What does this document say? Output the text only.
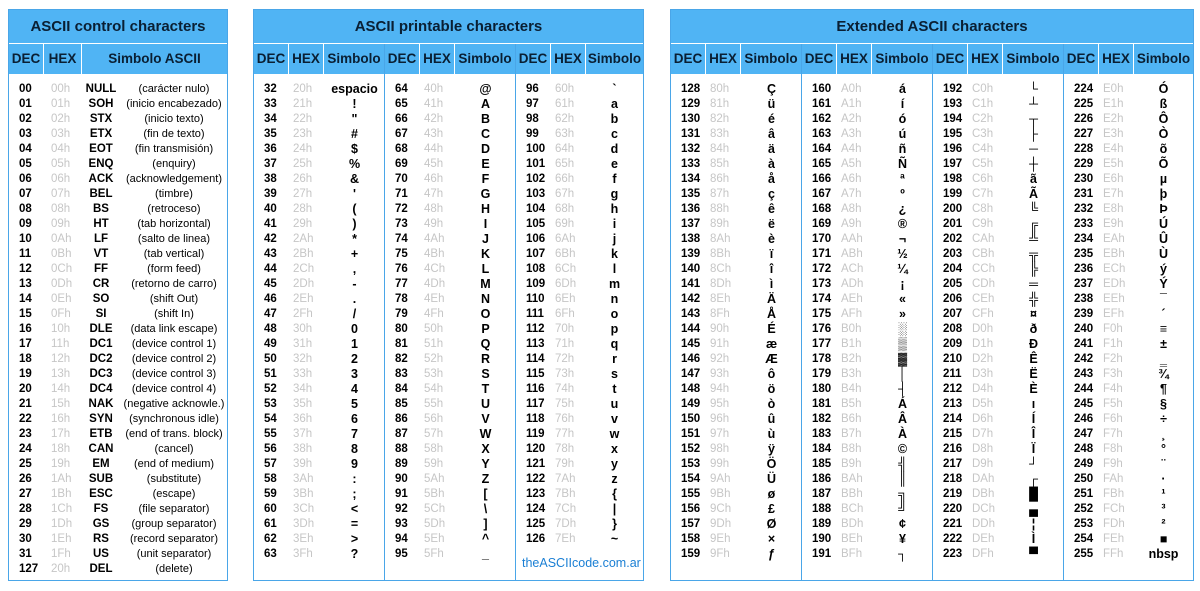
ASCII control characters
DEC HEX	Simbolo ASCII
00 00h	NULL	(carácter nulo)
01 01h	SOH	(inicio encabezado)
02 02h	STX	(inicio texto)
03 03h	ETX	(fin de texto)
04 04h	EOT	(fin transmisión)
05 05h	ENQ	(enquiry)
06 06h	ACK	(acknowledgement)
07 07h	BEL	(timbre)
08 08h	BS	(retroceso)
09 09h	HT	(tab horizontal)
10 0Ah	LF	(salto de linea)
11 0Bh	VT	(tab vertical)
12 0Ch	FF	(form feed)
13 0Dh	CR	(retorno de carro)
14 0Eh	SO	(shift Out)
15 0Fh	SI	(shift In)
16 10h	DLE	(data link escape)
17 11h	DC1	(device control 1)
18 12h	DC2	(device control 2)
19 13h	DC3	(device control 3)
20 14h	DC4	(device control 4)
21 15h	NAK (negative acknowle.)
22 16h	SYN	(synchronous idle)
23 17h	ETB	(end of trans. block)
24 18h	CAN	(cancel)
25 19h	EM	(end of medium)
26 1Ah	SUB	(substitute)
27 1Bh	ESC	(escape)
28 1Ch	FS	(file separator)
29 1Dh	GS	(group separator)
30 1Eh	RS	(record separator)
31 1Fh	US	(unit separator)
127 20h	DEL	(delete)
ASCII printable characters
DEC HEX Simbolo DEC HEX Simbolo DEC HEX Simbolo
32 20h	espacio
33 21h	!
34 22h	"
35 23h	#
36 24h	$
37 25h	%
38 26h	&
39 27h	'
40 28h	(
41 29h	)
42 2Ah	*
43 2Bh	+
44 2Ch	,
45 2Dh	-
46 2Eh	.
47 2Fh	/
48 30h	0
49 31h	1
50 32h	2
51 33h	3
52 34h	4
53 35h	5
54 36h	6
55 37h	7
56 38h	8
57 39h	9
58 3Ah	:
59 3Bh	;
60 3Ch	<
61 3Dh	=
62 3Eh	>
63 3Fh	?
64 40h	@
65 41h	A
66 42h	B
67 43h	C
68 44h	D
69 45h	E
70 46h	F
71 47h	G
72 48h	H
73 49h	I
74 4Ah	J
75 4Bh	K
76 4Ch	L
77 4Dh	M
78 4Eh	N
79 4Fh	O
80 50h	P
81 51h	Q
82 52h	R
83 53h	S
84 54h	T
85 55h	U
86 56h	V
87 57h	W
88 58h	X
89 59h	Y
90 5Ah	Z
91 5Bh	[
92 5Ch	\
93 5Dh	]
94 5Eh	^
95 5Fh	_
96 60h	`
97 61h	a
98 62h	b
99 63h	c
100 64h	d
101 65h	e
102 66h	f
103 67h	g
104 68h	h
105 69h	i
106 6Ah	j
107 6Bh	k
108 6Ch	l
109 6Dh	m
110 6Eh	n
111 6Fh	o
112 70h	p
113 71h	q
114 72h	r
115 73h	s
116 74h	t
117 75h	u
118 76h	v
119 77h	w
120 78h	x
121 79h	y
122 7Ah	z
123 7Bh	{
124 7Ch	|
125 7Dh	}
126 7Eh	~
theASCIIcode.com.ar
Extended ASCII characters
DEC HEX Simbolo DEC HEX Simbolo DEC HEX Simbolo DEC HEX Simbolo
128 80h	Ç
129 81h	ü
130 82h	é
131 83h	â
132 84h	ä
133 85h	à
134 86h	å
135 87h	ç
136 88h	ê
137 89h	ë
138 8Ah	è
139 8Bh	ï
140 8Ch	î
141 8Dh	ì
142 8Eh	Ä
143 8Fh	Å
144 90h	É
145 91h	æ
146 92h	Æ
147 93h	ô
148 94h	ö
149 95h	ò
150 96h	û
151 97h	ù
152 98h	ÿ
153 99h	Ö
154 9Ah	Ü
155 9Bh	ø
156 9Ch	£
157 9Dh	Ø
158 9Eh	×
159 9Fh	ƒ
160 A0h	á
161 A1h	í
162 A2h	ó
163 A3h	ú
164 A4h	ñ
165 A5h	Ñ
166 A6h	ª
167 A7h	º
168 A8h	¿
169 A9h	®
170 AAh	¬
171 ABh	½
172 ACh	¼
173 ADh	¡
174 AEh	«
175 AFh	»
176 B0h	░
177 B1h	▒
178 B2h	▓
179 B3h	│
180 B4h	┤
181 B5h	Á
182 B6h	Â
183 B7h	À
184 B8h	©
185 B9h	╣
186 BAh	║
187 BBh	╗
188 BCh	╝
189 BDh	¢
190 BEh	¥
191 BFh	┐
192 C0h	└
193 C1h	┴
194 C2h	┬
195 C3h	├
196 C4h	─
197 C5h	┼
198 C6h	ã
199 C7h	Ã
200 C8h	╚
201 C9h	╔
202 CAh	╩
203 CBh	╦
204 CCh	╠
205 CDh	═
206 CEh	╬
207 CFh	¤
208 D0h	ð
209 D1h	Ð
210 D2h	Ê
211 D3h	Ë
212 D4h	È
213 D5h	ı
214 D6h	Í
215 D7h	Î
216 D8h	Ï
217 D9h	┘
218 DAh	┌
219 DBh	█
220 DCh	▄
221 DDh	¦
222 DEh	Ì
223 DFh	▀
224 E0h	Ó
225 E1h	ß
226 E2h	Ô
227 E3h	Ò
228 E4h	õ
229 E5h	Õ
230 E6h	µ
231 E7h	þ
232 E8h	Þ
233 E9h	Ú
234 EAh	Û
235 EBh	Ù
236 ECh	ý
237 EDh	Ý
238 EEh	¯
239 EFh	´
240 F0h	≡
241 F1h	±
242 F2h	‗
243 F3h	¾
244 F4h	¶
245 F5h	§
246 F6h	÷
247 F7h	¸
248 F8h	°
249 F9h	¨
250 FAh	·
251 FBh	¹
252 FCh	³
253 FDh	²
254 FEh	■
255 FFh	nbsp
